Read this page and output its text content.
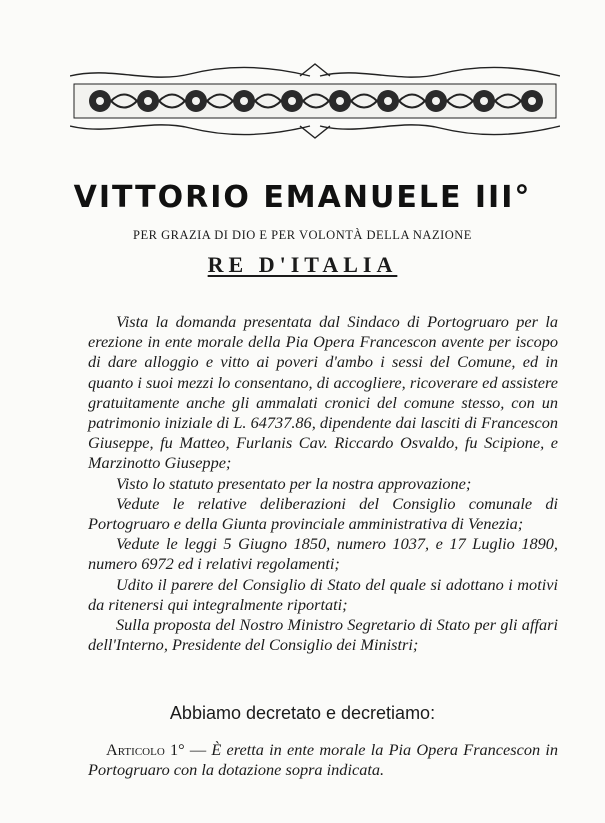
VITTORIO EMANUELE III°
PER GRAZIA DI DIO E PER VOLONTÀ DELLA NAZIONE
RE D'ITALIA

Vista la domanda presentata dal Sindaco di Portogruaro per la erezione in ente morale della Pia Opera Francescon avente per iscopo di dare alloggio e vitto ai poveri d'ambo i sessi del Comune, ed in quanto i suoi mezzi lo consentano, di accogliere, ricoverare ed assistere gratuitamente anche gli ammalati cronici del comune stesso, con un patrimonio iniziale di L. 64737.86, dipendente dai lasciti di Francescon Giuseppe, fu Matteo, Furlanis Cav. Riccardo Osvaldo, fu Scipione, e Marzinotto Giuseppe;

Visto lo statuto presentato per la nostra approvazione;

Vedute le relative deliberazioni del Consiglio comunale di Portogruaro e della Giunta provinciale amministrativa di Venezia;

Vedute le leggi 5 Giugno 1850, numero 1037, e 17 Luglio 1890, numero 6972 ed i relativi regolamenti;

Udito il parere del Consiglio di Stato del quale si adottano i motivi da ritenersi qui integralmente riportati;

Sulla proposta del Nostro Ministro Segretario di Stato per gli affari dell'Interno, Presidente del Consiglio dei Ministri;

Abbiamo decretato e decretiamo:
Articolo 1° — È eretta in ente morale la Pia Opera Francescon in Portogruaro con la dotazione sopra indicata.
